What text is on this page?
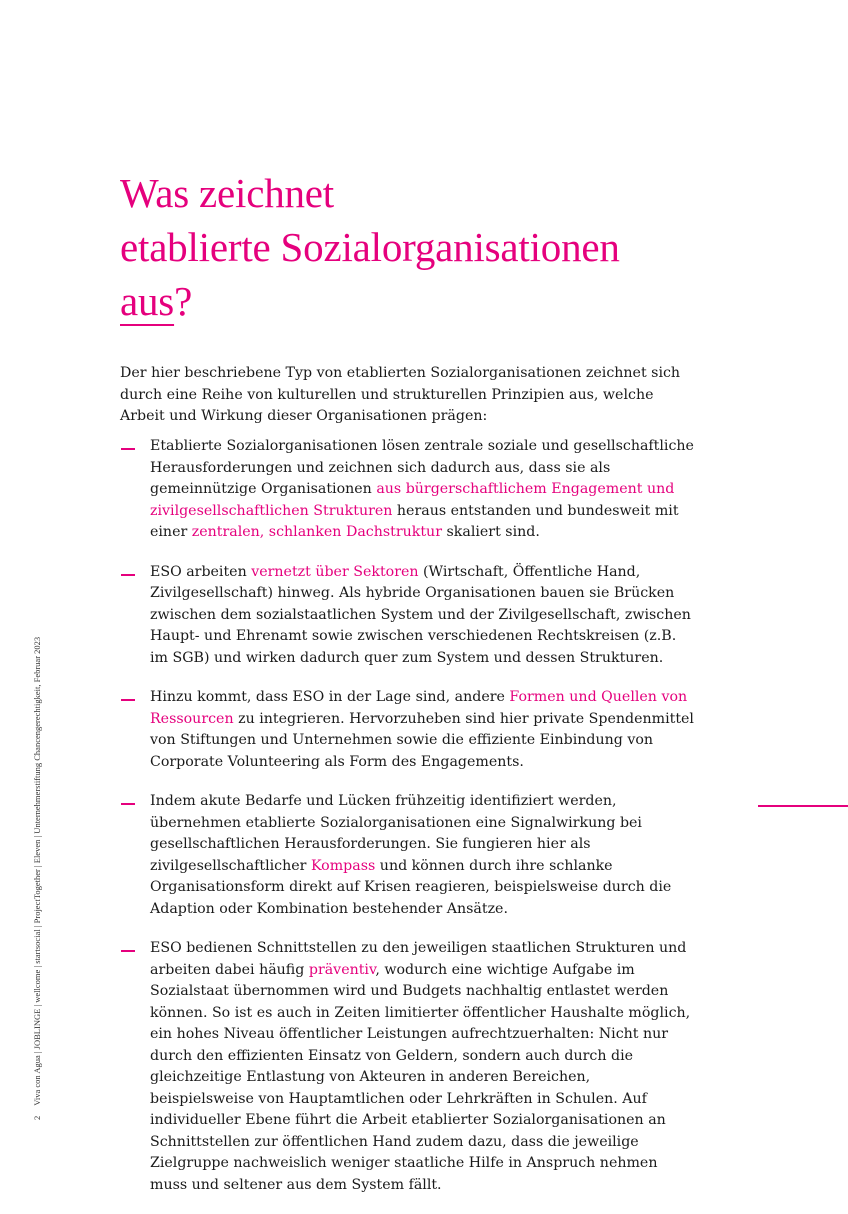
Was zeichnet
etablierte Sozialorganisationen
aus?

Der hier beschriebene Typ von etablierten Sozialorganisationen zeichnet sich durch eine Reihe von kulturellen und strukturellen Prinzipien aus, welche Arbeit und Wirkung dieser Organisationen prägen:

Etablierte Sozialorganisationen lösen zentrale soziale und gesellschaftliche Herausforderungen und zeichnen sich dadurch aus, dass sie als gemeinnützige Organisationen aus bürgerschaftlichem Engagement und zivilgesellschaftlichen Strukturen heraus entstanden und bundesweit mit einer zentralen, schlanken Dachstruktur skaliert sind.
ESO arbeiten vernetzt über Sektoren (Wirtschaft, Öffentliche Hand, Zivilgesellschaft) hinweg. Als hybride Organisationen bauen sie Brücken zwischen dem sozialstaatlichen System und der Zivilgesellschaft, zwischen Haupt- und Ehrenamt sowie zwischen verschiedenen Rechtskreisen (z.B. im SGB) und wirken dadurch quer zum System und dessen Strukturen.
Hinzu kommt, dass ESO in der Lage sind, andere Formen und Quellen von Ressourcen zu integrieren. Hervorzuheben sind hier private Spendenmittel von Stiftungen und Unternehmen sowie die effiziente Einbindung von Corporate Volunteering als Form des Engagements.
Indem akute Bedarfe und Lücken frühzeitig identifiziert werden, übernehmen etablierte Sozialorganisationen eine Signalwirkung bei gesellschaftlichen Herausforderungen. Sie fungieren hier als zivilgesellschaftlicher Kompass und können durch ihre schlanke Organisationsform direkt auf Krisen reagieren, beispielsweise durch die Adaption oder Kombination bestehender Ansätze.
ESO bedienen Schnittstellen zu den jeweiligen staatlichen Strukturen und arbeiten dabei häufig präventiv, wodurch eine wichtige Aufgabe im Sozialstaat übernommen wird und Budgets nachhaltig entlastet werden können. So ist es auch in Zeiten limitierter öffentlicher Haushalte möglich, ein hohes Niveau öffentlicher Leistungen aufrechtzuerhalten: Nicht nur durch den effizienten Einsatz von Geldern, sondern auch durch die gleichzeitige Entlastung von Akteuren in anderen Bereichen, beispielsweise von Hauptamtlichen oder Lehrkräften in Schulen. Auf individueller Ebene führt die Arbeit etablierter Sozialorganisationen an Schnittstellen zur öffentlichen Hand zudem dazu, dass die jeweilige Zielgruppe nachweislich weniger staatliche Hilfe in Anspruch nehmen muss und seltener aus dem System fällt.
2Viva con Agua | JOBLINGE | wellcome | startsocial | ProjectTogether | Eleven | Unternehmerstiftung Chancengerechtigkeit, Februar 2023
